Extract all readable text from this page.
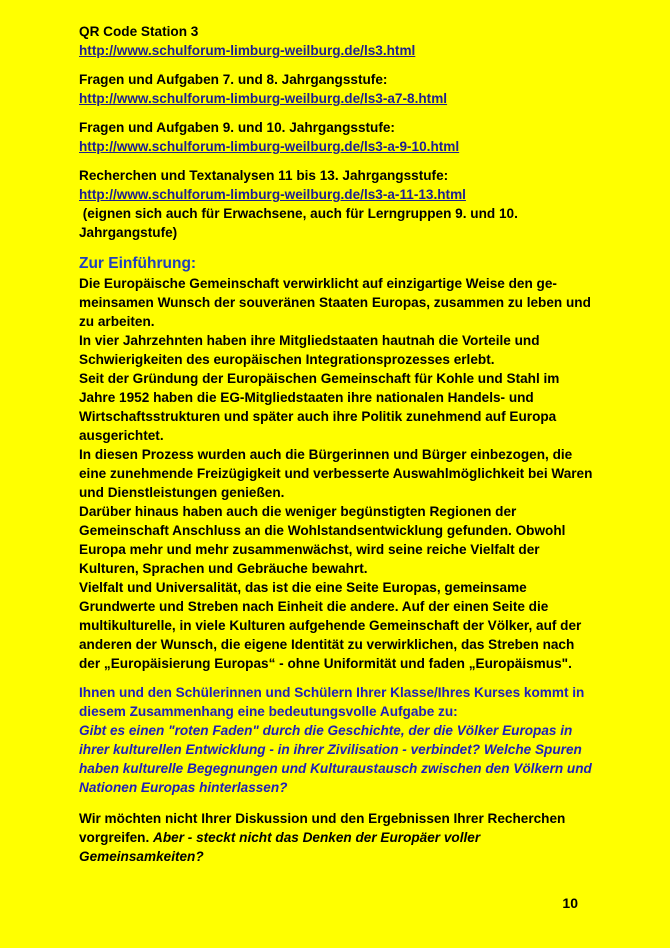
QR Code Station 3
http://www.schulforum-limburg-weilburg.de/ls3.html
Fragen und Aufgaben 7. und 8. Jahrgangsstufe:
http://www.schulforum-limburg-weilburg.de/ls3-a7-8.html
Fragen und Aufgaben 9. und 10. Jahrgangsstufe:
http://www.schulforum-limburg-weilburg.de/ls3-a-9-10.html
Recherchen und Textanalysen 11 bis 13. Jahrgangsstufe:
http://www.schulforum-limburg-weilburg.de/ls3-a-11-13.html
(eignen sich auch für Erwachsene, auch für Lerngruppen 9. und 10. Jahrgangstufe)
Zur Einführung:

Die Europäische Gemeinschaft verwirklicht auf einzigartige Weise den ge-meinsamen Wunsch der souveränen Staaten Europas, zusammen zu leben und zu arbeiten.

In vier Jahrzehnten haben ihre Mitgliedstaaten hautnah die Vorteile und Schwierigkeiten des europäischen Integrationsprozesses erlebt.

Seit der Gründung der Europäischen Gemeinschaft für Kohle und Stahl im Jahre 1952 haben die EG-Mitgliedstaaten ihre nationalen Handels- und Wirtschaftsstrukturen und später auch ihre Politik zunehmend auf Europa ausgerichtet.

In diesen Prozess wurden auch die Bürgerinnen und Bürger einbezogen, die eine zunehmende Freizügigkeit und verbesserte Auswahlmöglichkeit bei Waren und Dienstleistungen genießen.

Darüber hinaus haben auch die weniger begünstigten Regionen der Gemeinschaft Anschluss an die Wohlstandsentwicklung gefunden. Obwohl Europa mehr und mehr zusammenwächst, wird seine reiche Vielfalt der Kulturen, Sprachen und Gebräuche bewahrt.

Vielfalt und Universalität, das ist die eine Seite Europas, gemeinsame Grundwerte und Streben nach Einheit die andere. Auf der einen Seite die multikulturelle, in viele Kulturen aufgehende Gemeinschaft der Völker, auf der anderen der Wunsch, die eigene Identität zu verwirklichen, das Streben nach der „Europäisierung Europas“ - ohne Uniformität und faden „Europäismus".

Ihnen und den Schülerinnen und Schülern Ihrer Klasse/Ihres Kurses kommt in diesem Zusammenhang eine bedeutungsvolle Aufgabe zu:

Gibt es einen "roten Faden" durch die Geschichte, der die Völker Europas in ihrer kulturellen Entwicklung - in ihrer Zivilisation - verbindet? Welche Spuren haben kulturelle Begegnungen und Kulturaustausch zwischen den Völkern und Nationen Europas hinterlassen?

Wir möchten nicht Ihrer Diskussion und den Ergebnissen Ihrer Recherchen vorgreifen. Aber - steckt nicht das Denken der Europäer voller Gemeinsamkeiten?
10
